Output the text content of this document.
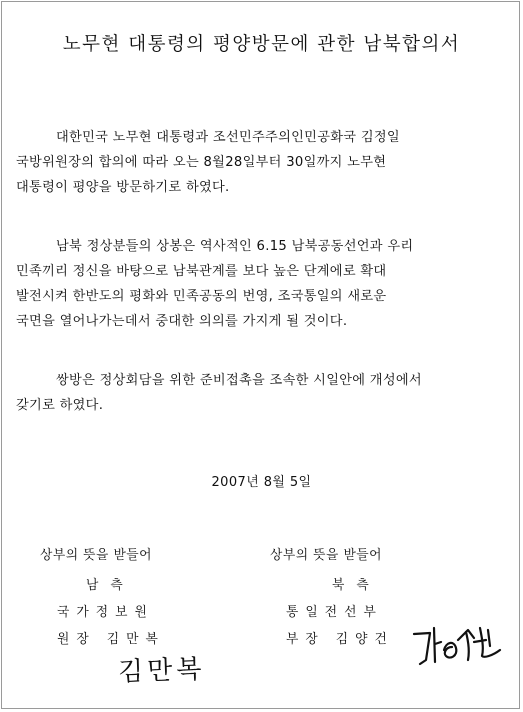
노무현 대통령의 평양방문에 관한 남북합의서

대한민국 노무현 대통령과 조선민주주의인민공화국 김정일
국방위원장의 합의에 따라 오는 8월28일부터 30일까지 노무현
대통령이 평양을 방문하기로 하였다.

남북 정상분들의 상봉은 역사적인 6.15 남북공동선언과 우리
민족끼리 정신을 바탕으로 남북관계를 보다 높은 단계에로 확대
발전시켜 한반도의 평화와 민족공동의 번영, 조국통일의 새로운
국면을 열어나가는데서 중대한 의의를 가지게 될 것이다.

쌍방은 정상회담을 위한 준비접촉을 조속한 시일안에 개성에서
갖기로 하였다.

2007년 8월 5일
상부의 뜻을 받들어
남측
국가정보원
원장 김만복
상부의 뜻을 받들어
북측
통일전선부
부장 김양건
김만복
